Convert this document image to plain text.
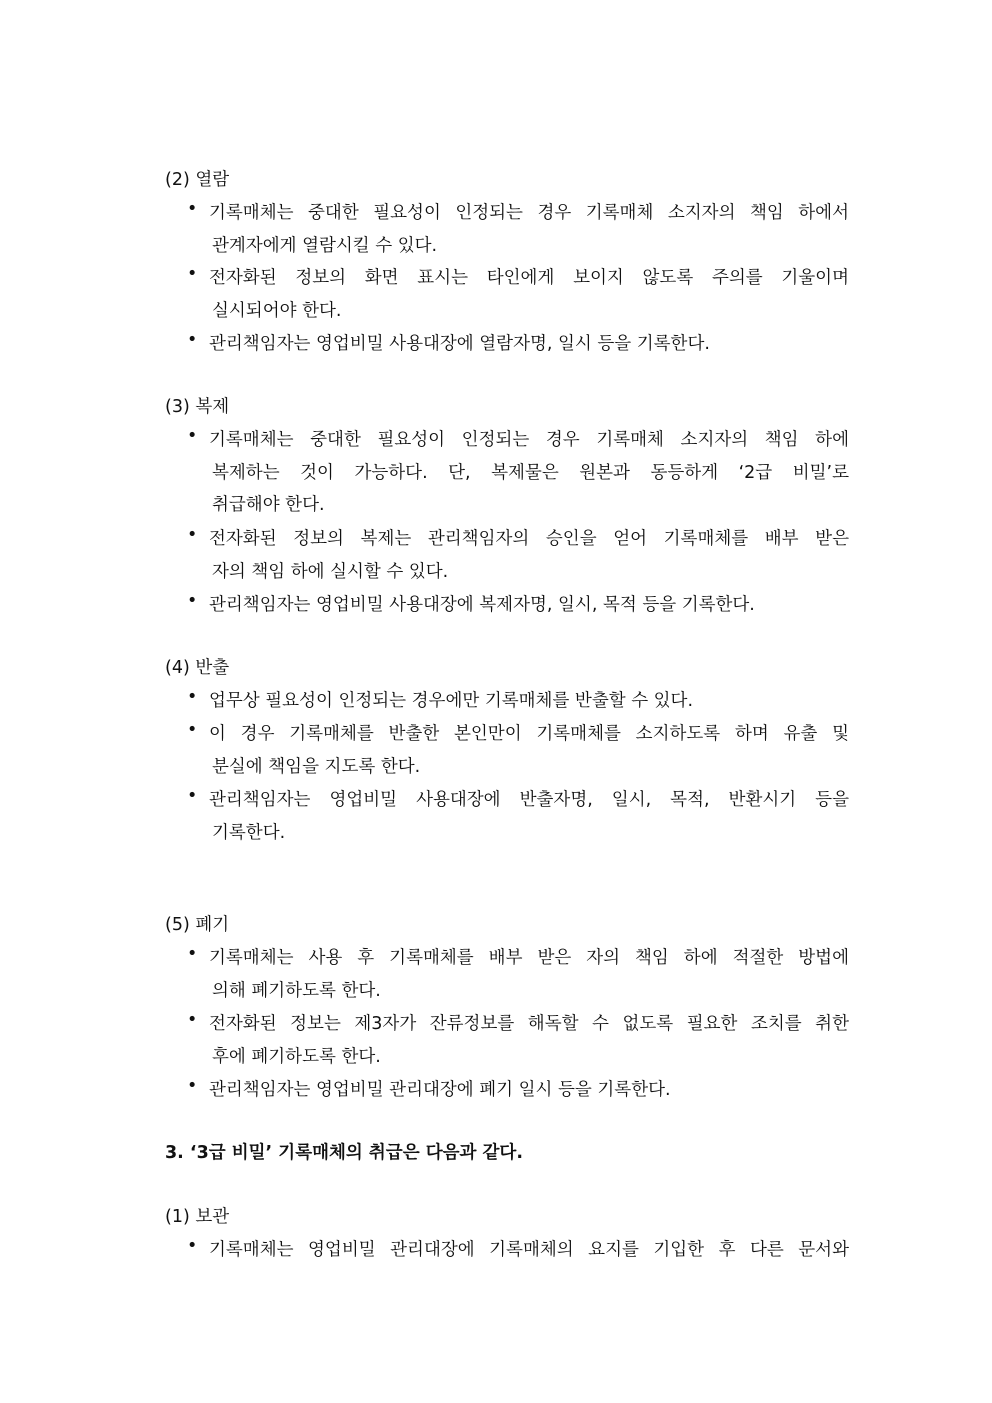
(2) 열람
• 기록매체는 중대한 필요성이 인정되는 경우 기록매체 소지자의 책임 하에서
관계자에게 열람시킬 수 있다.
• 전자화된 정보의 화면 표시는 타인에게 보이지 않도록 주의를 기울이며
실시되어야 한다.
• 관리책임자는 영업비밀 사용대장에 열람자명, 일시 등을 기록한다.
(3) 복제
• 기록매체는 중대한 필요성이 인정되는 경우 기록매체 소지자의 책임 하에
복제하는 것이 가능하다. 단, 복제물은 원본과 동등하게 ‘2급 비밀’로
취급해야 한다.
• 전자화된 정보의 복제는 관리책임자의 승인을 얻어 기록매체를 배부 받은
자의 책임 하에 실시할 수 있다.
• 관리책임자는 영업비밀 사용대장에 복제자명, 일시, 목적 등을 기록한다.
(4) 반출
• 업무상 필요성이 인정되는 경우에만 기록매체를 반출할 수 있다.
• 이 경우 기록매체를 반출한 본인만이 기록매체를 소지하도록 하며 유출 및
분실에 책임을 지도록 한다.
• 관리책임자는 영업비밀 사용대장에 반출자명, 일시, 목적, 반환시기 등을
기록한다.
(5) 폐기
• 기록매체는 사용 후 기록매체를 배부 받은 자의 책임 하에 적절한 방법에
의해 폐기하도록 한다.
• 전자화된 정보는 제3자가 잔류정보를 해독할 수 없도록 필요한 조치를 취한
후에 폐기하도록 한다.
• 관리책임자는 영업비밀 관리대장에 폐기 일시 등을 기록한다.
3. ‘3급 비밀’ 기록매체의 취급은 다음과 같다.
(1) 보관
• 기록매체는 영업비밀 관리대장에 기록매체의 요지를 기입한 후 다른 문서와
